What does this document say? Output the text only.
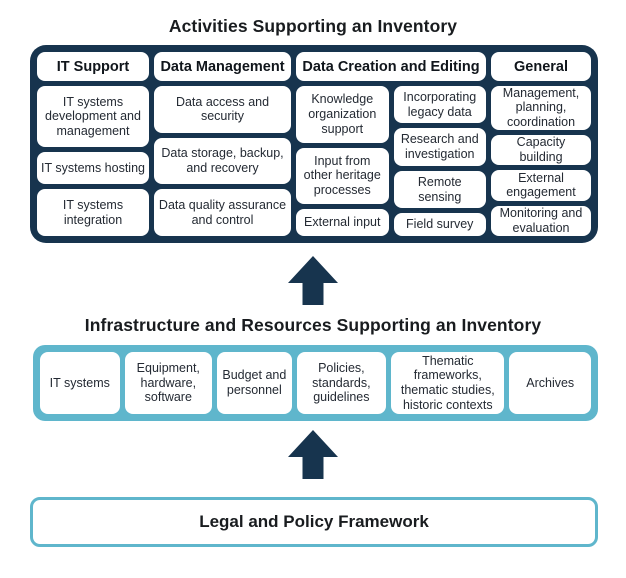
Activities Supporting an Inventory
IT Support
IT systems development and management
IT systems hosting
IT systems integration
Data Management
Data access and security
Data storage, backup, and recovery
Data quality assurance and control
Data Creation and Editing
Knowledge organization support
Input from other heritage processes
External input
Incorporating legacy data
Research and investigation
Remote sensing
Field survey
General
Management, planning, coordination
Capacity building
External engagement
Monitoring and evaluation
Infrastructure and Resources Supporting an Inventory
IT systems
Equipment, hardware, software
Budget and personnel
Policies, standards, guidelines
Thematic frameworks, thematic studies, historic contexts
Archives
Legal and Policy Framework
